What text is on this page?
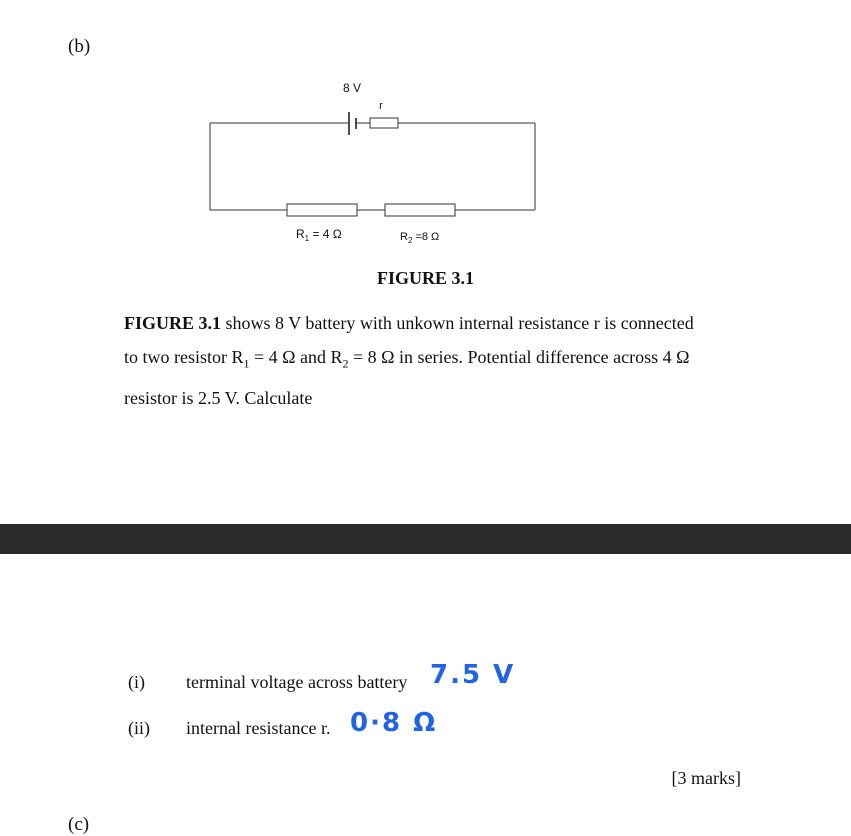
(b)
8 V
r
$R_1 = 4$ Ω	$R_2 =8$ Ω
FIGURE 3.1
FIGURE 3.1 shows 8 V battery with unkown internal resistance r is connected
to two resistor $R_1 = 4$ Ω and $R_2 = 8$ Ω in series. Potential difference across 4 Ω
resistor is 2.5 V. Calculate
(i) terminal voltage across battery 7.5 V
(ii) internal resistance r. 0·8 Ω
[3 marks]
(c)
